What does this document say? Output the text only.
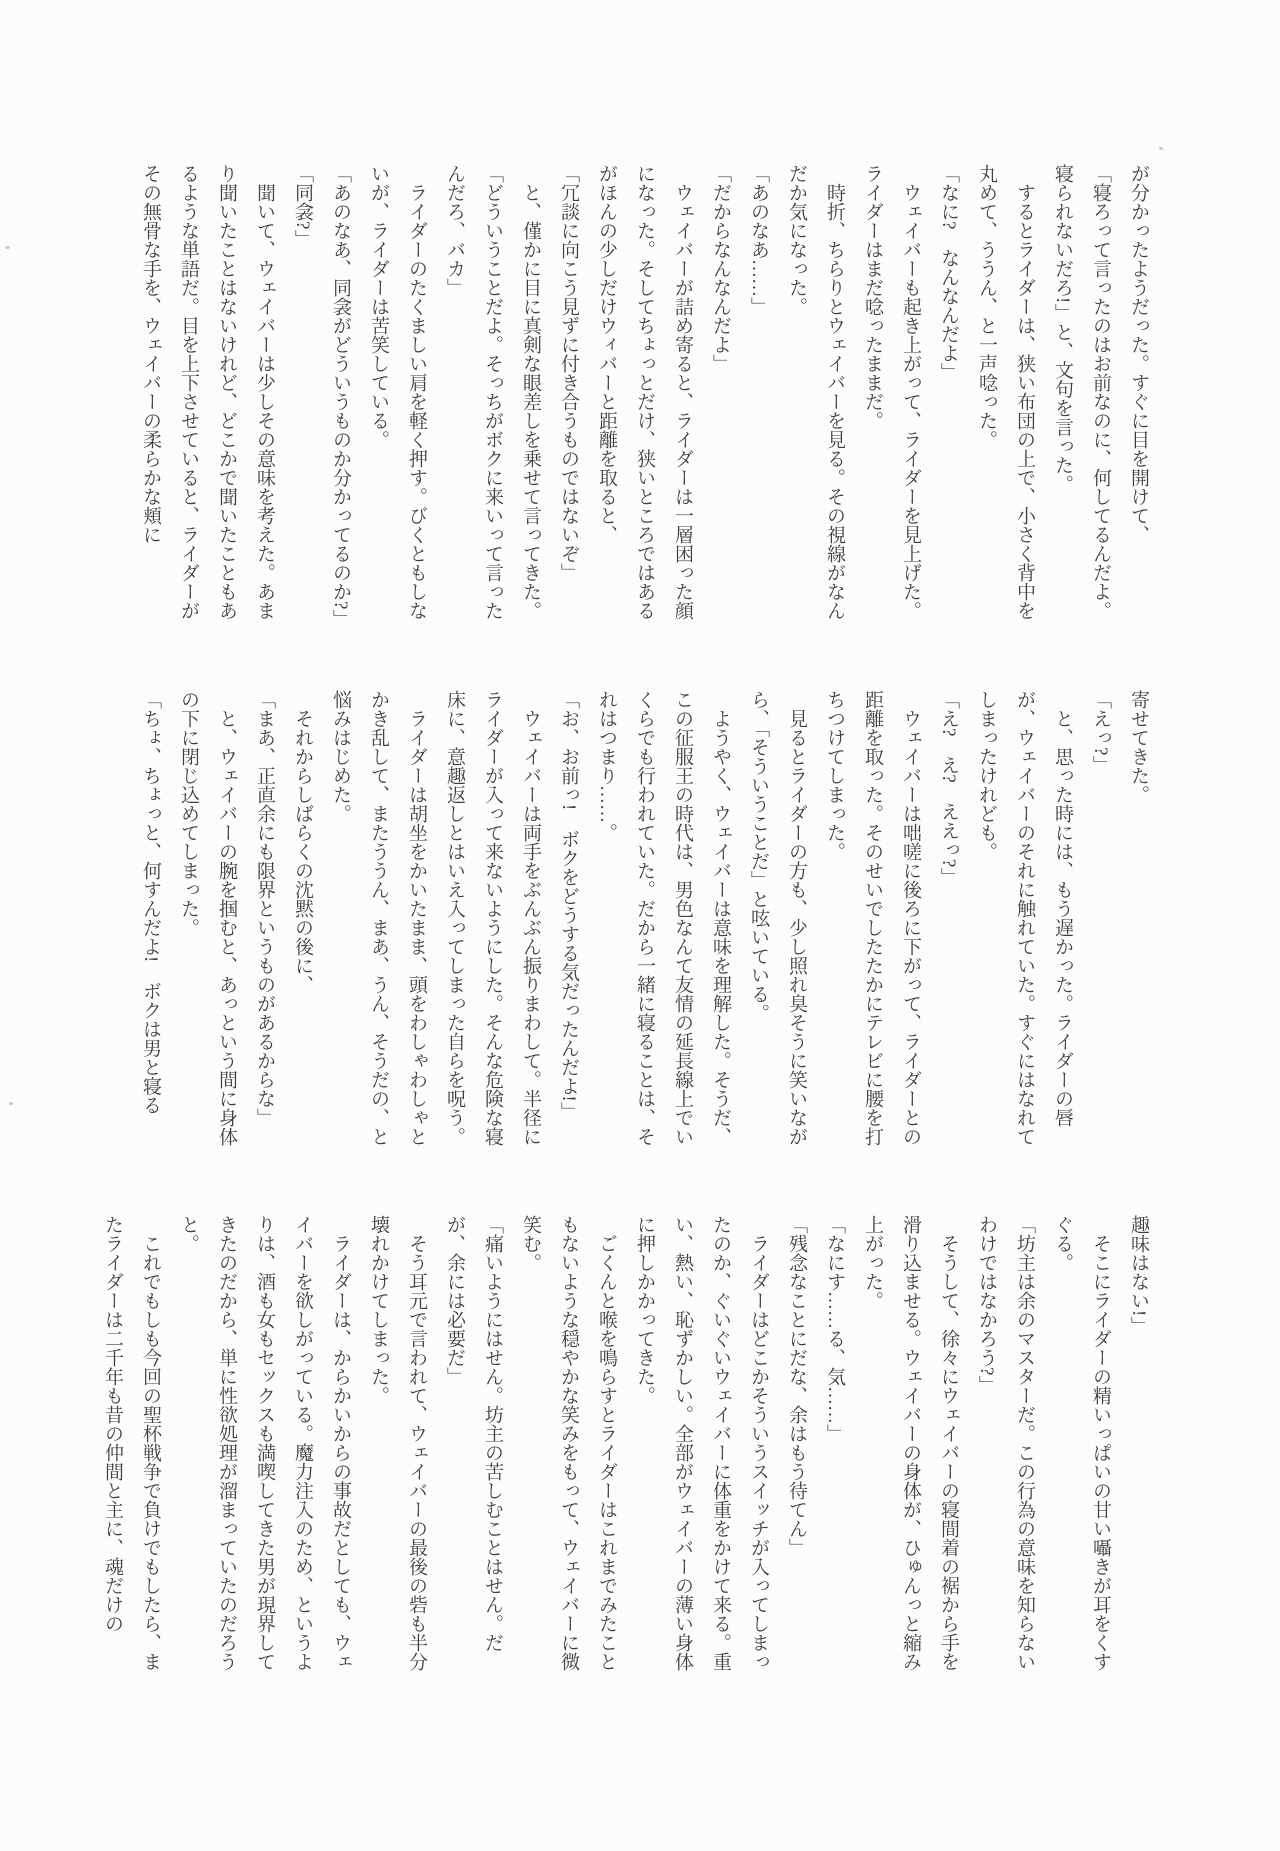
が分かったようだった。すぐに目を開けて、

「寝ろって言ったのはお前なのに、何してるんだよ。寝られないだろ!」と、文句を言った。

　するとライダーは、狭い布団の上で、小さく背中を丸めて、ううん、と一声唸った。

「なに?　なんなんだよ」

　ウェイバーも起き上がって、ライダーを見上げた。ライダーはまだ唸ったままだ。

　時折、ちらりとウェイバーを見る。その視線がなんだか気になった。

「あのなあ……」

「だからなんなんだよ」

　ウェイバーが詰め寄ると、ライダーは一層困った顔になった。そしてちょっとだけ、狭いところではあるがほんの少しだけウィバーと距離を取ると、

「冗談に向こう見ずに付き合うものではないぞ」

　と、僅かに目に真剣な眼差しを乗せて言ってきた。

「どういうことだよ。そっちがボクに来いって言ったんだろ、バカ」

　ライダーのたくましい肩を軽く押す。びくともしないが、ライダーは苦笑している。

「あのなあ、同衾がどういうものか分かってるのか?」

「同衾?」

　聞いて、ウェイバーは少しその意味を考えた。あまり聞いたことはないけれど、どこかで聞いたこともあるような単語だ。目を上下させていると、ライダーがその無骨な手を、ウェイバーの柔らかな頬に

寄せてきた。

「えっ?」

　と、思った時には、もう遅かった。ライダーの唇が、ウェイバーのそれに触れていた。すぐにはなれてしまったけれども。

「え?　え?　ええっ?」

　ウェイバーは咄嗟に後ろに下がって、ライダーとの距離を取った。そのせいでしたたかにテレビに腰を打ちつけてしまった。

　見るとライダーの方も、少し照れ臭そうに笑いながら、「そういうことだ」と呟いている。

　ようやく、ウェイバーは意味を理解した。そうだ、この征服王の時代は、男色なんて友情の延長線上でいくらでも行われていた。だから一緒に寝ることは、それはつまり……。

「お、お前っ!　ボクをどうする気だったんだよ!」

　ウェイバーは両手をぶんぶん振りまわして。半径にライダーが入って来ないようにした。そんな危険な寝床に、意趣返しとはいえ入ってしまった自らを呪う。

　ライダーは胡坐をかいたまま、頭をわしゃわしゃとかき乱して、またううん、まあ、うん、そうだの、と悩みはじめた。

　それからしばらくの沈黙の後に、

「まあ、正直余にも限界というものがあるからな」

　と、ウェイバーの腕を掴むと、あっという間に身体の下に閉じ込めてしまった。

「ちょ、ちょっと、何すんだよ!　ボクは男と寝る

趣味はない!」

　そこにライダーの精いっぱいの甘い囁きが耳をくすぐる。

「坊主は余のマスターだ。この行為の意味を知らないわけではなかろう?」

　そうして、徐々にウェイバーの寝間着の裾から手を滑り込ませる。ウェイバーの身体が、ひゅんっと縮み上がった。

「なにす……る、気……」

「残念なことにだな、余はもう待てん」

　ライダーはどこかそういうスイッチが入ってしまったのか、ぐいぐいウェイバーに体重をかけて来る。重い、熱い、恥ずかしい。全部がウェイバーの薄い身体に押しかかってきた。

　ごくんと喉を鳴らすとライダーはこれまでみたこともないような穏やかな笑みをもって、ウェイバーに微笑む。

「痛いようにはせん。坊主の苦しむことはせん。だが、余には必要だ」

　そう耳元で言われて、ウェイバーの最後の砦も半分壊れかけてしまった。

　ライダーは、からかいからの事故だとしても、ウェイバーを欲しがっている。魔力注入のため、というよりは、酒も女もセックスも満喫してきた男が現界してきたのだから、単に性欲処理が溜まっていたのだろうと。

　これでもしも今回の聖杯戦争で負けでもしたら、またライダーは二千年も昔の仲間と主に、魂だけの
